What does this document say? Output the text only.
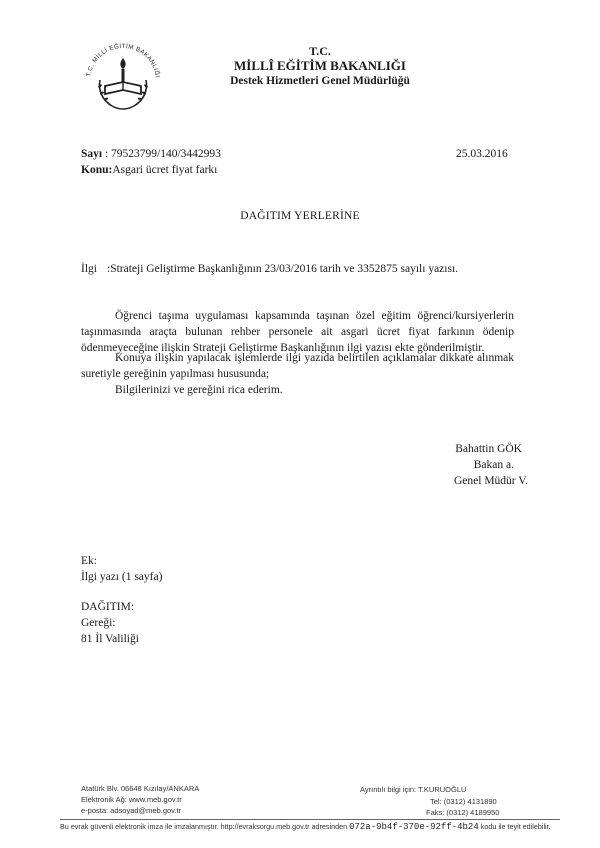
T.C. MİLLİ EĞİTİM BAKANLIĞI
T.C.
MİLLÎ EĞİTİM BAKANLIĞI
Destek Hizmetleri Genel Müdürlüğü
Sayı : 79523799/140/3442993	25.03.2016
Konu:Asgari ücret fiyat farkı
DAĞITIM YERLERİNE
İlgi :Strateji Geliştirme Başkanlığının 23/03/2016 tarih ve 3352875 sayılı yazısı.
Öğrenci taşıma uygulaması kapsamında taşınan özel eğitim öğrenci/kursiyerlerin taşınmasında araçta bulunan rehber personele ait asgari ücret fiyat farkının ödenip ödenmeyeceğine ilişkin Strateji Geliştirme Başkanlığının ilgi yazısı ekte gönderilmiştir.
Konuya ilişkin yapılacak işlemlerde ilgi yazıda belirtilen açıklamalar dikkate alınmak suretiyle gereğinin yapılması hususunda;
Bilgilerinizi ve gereğini rica ederim.
Bahattin GÖK
Bakan a.
Genel Müdür V.
Ek:
İlgi yazı (1 sayfa)
DAĞITIM:
Gereği:
81 İl Valiliği
Atatürk Blv. 06648 Kızılay/ANKARA
Elektronik Ağ: www.meb.gov.tr
e-posta: adsoyad@meb.gov.tr
Ayrıntılı bilgi için: T.KURUOĞLU
Tel: (0312) 4131890
Faks: (0312) 4189950
Bu evrak güvenli elektronik imza ile imzalanmıştır. http://evraksorgu.meb.gov.tr adresinden 072a-9b4f-370e-92ff-4b24 kodu ile teyit edilebilir.
